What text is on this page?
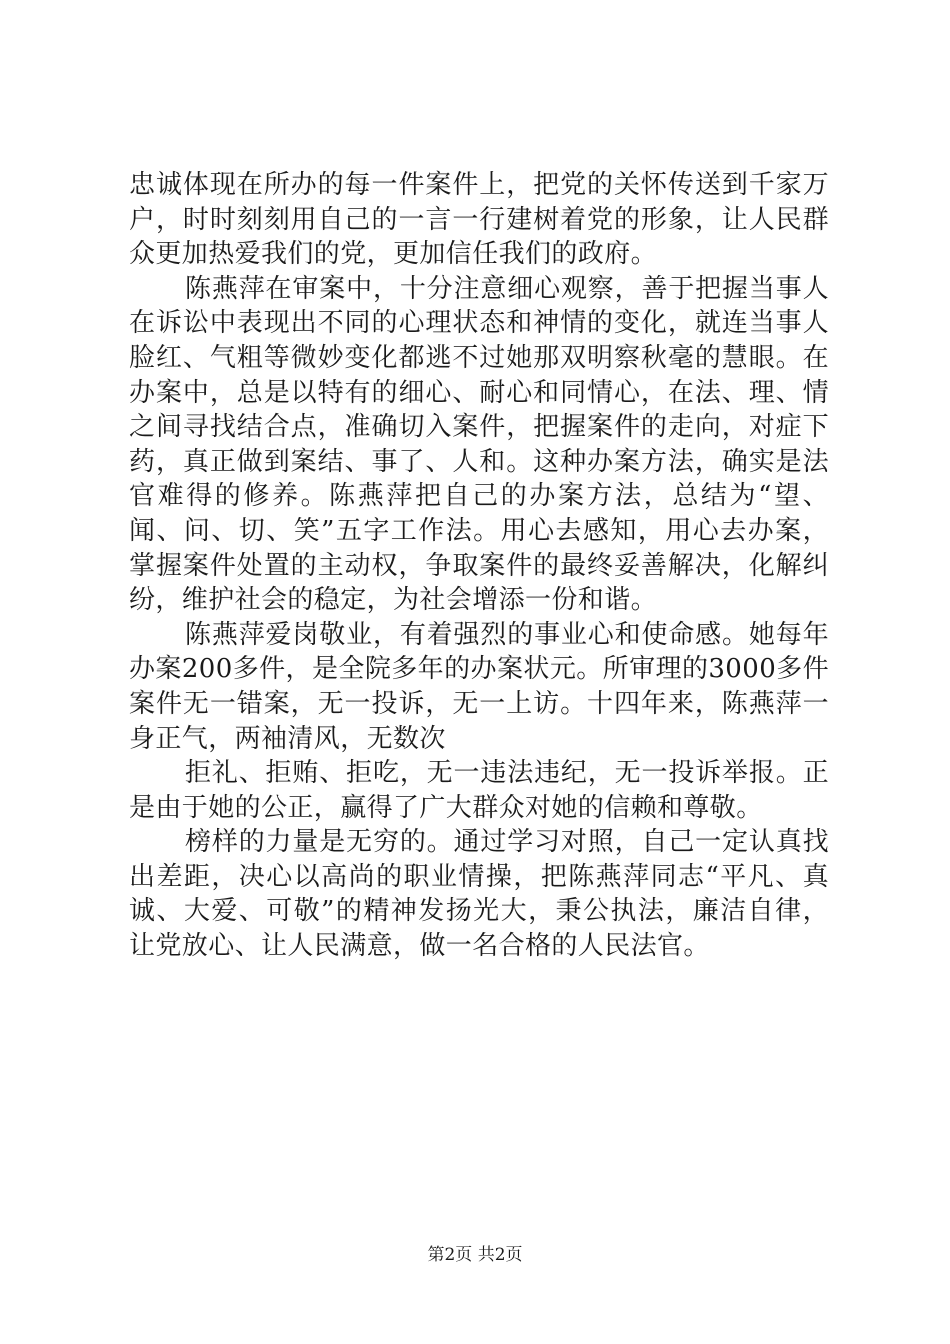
忠诚体现在所办的每一件案件上，把党的关怀传送到千家万户，时时刻刻用自己的一言一行建树着党的形象，让人民群众更加热爱我们的党，更加信任我们的政府。

陈燕萍在审案中，十分注意细心观察，善于把握当事人在诉讼中表现出不同的心理状态和神情的变化，就连当事人脸红、气粗等微妙变化都逃不过她那双明察秋毫的慧眼。在办案中，总是以特有的细心、耐心和同情心，在法、理、情之间寻找结合点，准确切入案件，把握案件的走向，对症下药，真正做到案结、事了、人和。这种办案方法，确实是法官难得的修养。陈燕萍把自己的办案方法，总结为“望、闻、问、切、笑”五字工作法。用心去感知，用心去办案，掌握案件处置的主动权，争取案件的最终妥善解决，化解纠纷，维护社会的稳定，为社会增添一份和谐。

陈燕萍爱岗敬业，有着强烈的事业心和使命感。她每年办案200多件，是全院多年的办案状元。所审理的3000多件案件无一错案，无一投诉，无一上访。十四年来，陈燕萍一身正气，两袖清风，无数次

拒礼、拒贿、拒吃，无一违法违纪，无一投诉举报。正是由于她的公正，赢得了广大群众对她的信赖和尊敬。

榜样的力量是无穷的。通过学习对照，自己一定认真找出差距，决心以高尚的职业情操，把陈燕萍同志“平凡、真诚、大爱、可敬”的精神发扬光大，秉公执法，廉洁自律，让党放心、让人民满意，做一名合格的人民法官。

第2页 共2页
